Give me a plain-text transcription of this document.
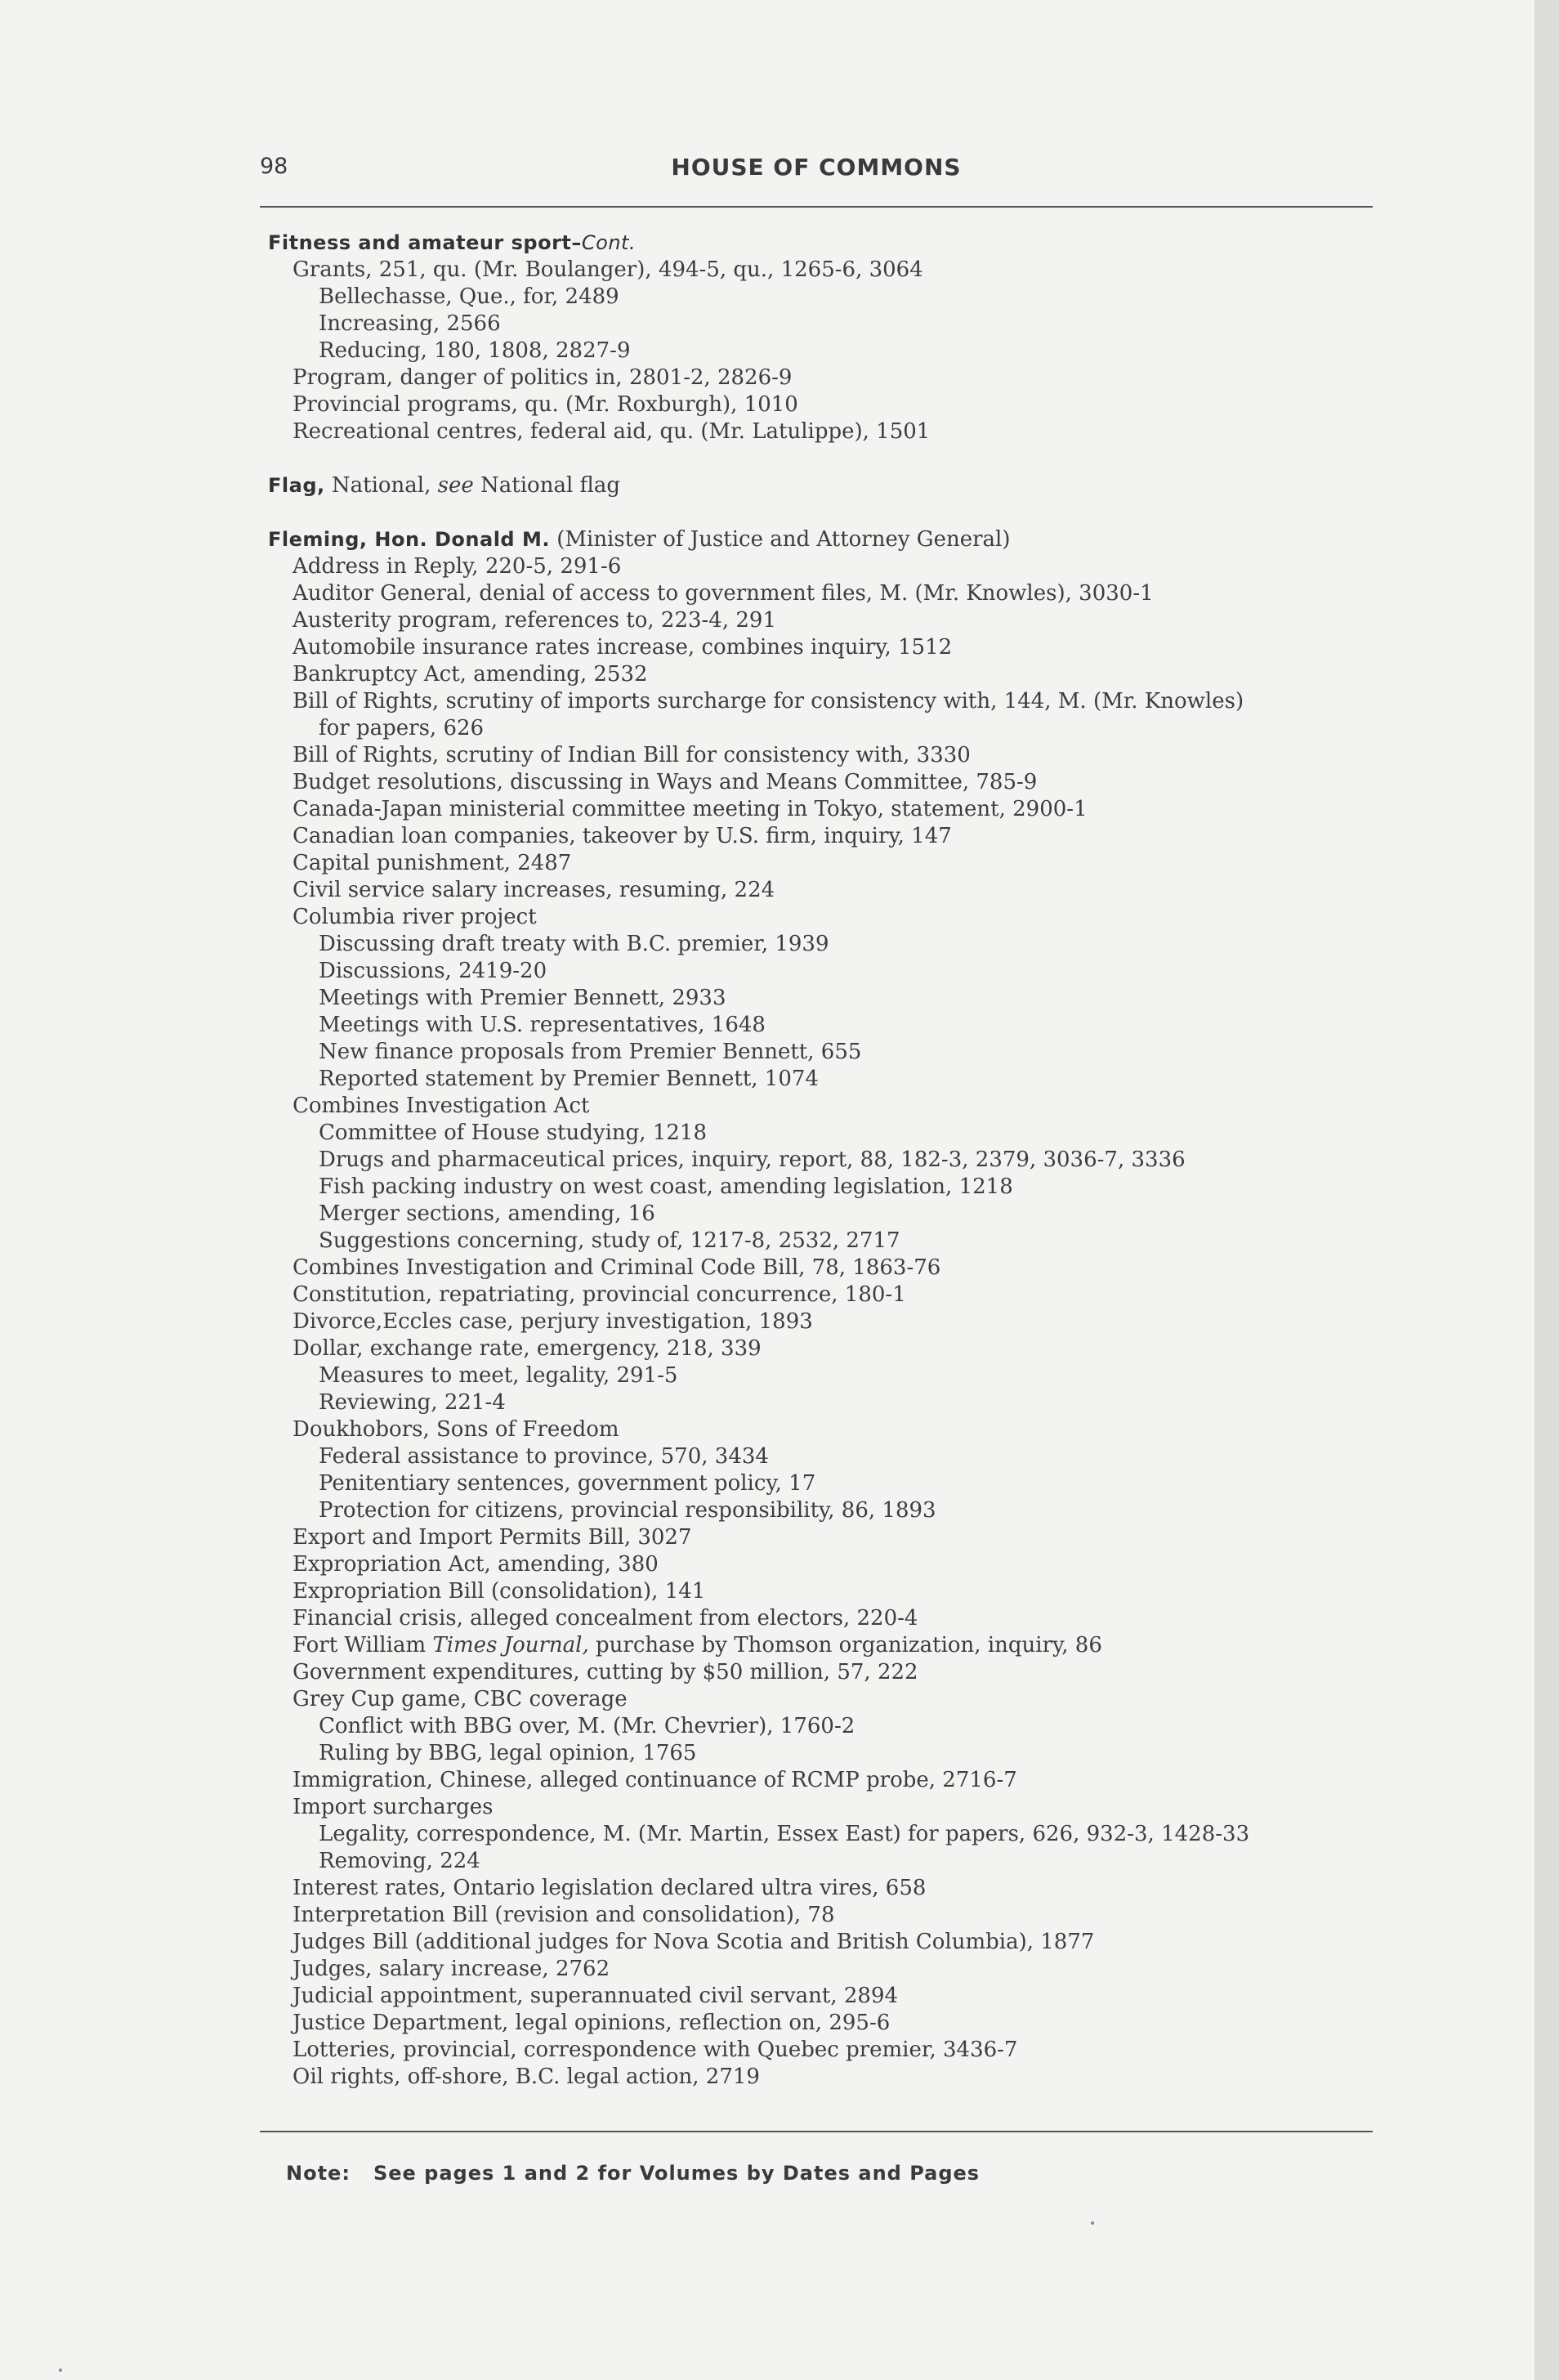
98	HOUSE OF COMMONS
Fitness and amateur sport–Cont.
Grants, 251, qu. (Mr. Boulanger), 494-5, qu., 1265-6, 3064
Bellechasse, Que., for, 2489
Increasing, 2566
Reducing, 180, 1808, 2827-9
Program, danger of politics in, 2801-2, 2826-9
Provincial programs, qu. (Mr. Roxburgh), 1010
Recreational centres, federal aid, qu. (Mr. Latulippe), 1501
Flag, National, see National flag
Fleming, Hon. Donald M. (Minister of Justice and Attorney General)
Address in Reply, 220-5, 291-6
Auditor General, denial of access to government files, M. (Mr. Knowles), 3030-1
Austerity program, references to, 223-4, 291
Automobile insurance rates increase, combines inquiry, 1512
Bankruptcy Act, amending, 2532
Bill of Rights, scrutiny of imports surcharge for consistency with, 144, M. (Mr. Knowles)
for papers, 626
Bill of Rights, scrutiny of Indian Bill for consistency with, 3330
Budget resolutions, discussing in Ways and Means Committee, 785-9
Canada-Japan ministerial committee meeting in Tokyo, statement, 2900-1
Canadian loan companies, takeover by U.S. firm, inquiry, 147
Capital punishment, 2487
Civil service salary increases, resuming, 224
Columbia river project
Discussing draft treaty with B.C. premier, 1939
Discussions, 2419-20
Meetings with Premier Bennett, 2933
Meetings with U.S. representatives, 1648
New finance proposals from Premier Bennett, 655
Reported statement by Premier Bennett, 1074
Combines Investigation Act
Committee of House studying, 1218
Drugs and pharmaceutical prices, inquiry, report, 88, 182-3, 2379, 3036-7, 3336
Fish packing industry on west coast, amending legislation, 1218
Merger sections, amending, 16
Suggestions concerning, study of, 1217-8, 2532, 2717
Combines Investigation and Criminal Code Bill, 78, 1863-76
Constitution, repatriating, provincial concurrence, 180-1
Divorce,Eccles case, perjury investigation, 1893
Dollar, exchange rate, emergency, 218, 339
Measures to meet, legality, 291-5
Reviewing, 221-4
Doukhobors, Sons of Freedom
Federal assistance to province, 570, 3434
Penitentiary sentences, government policy, 17
Protection for citizens, provincial responsibility, 86, 1893
Export and Import Permits Bill, 3027
Expropriation Act, amending, 380
Expropriation Bill (consolidation), 141
Financial crisis, alleged concealment from electors, 220-4
Fort William Times Journal, purchase by Thomson organization, inquiry, 86
Government expenditures, cutting by $50 million, 57, 222
Grey Cup game, CBC coverage
Conflict with BBG over, M. (Mr. Chevrier), 1760-2
Ruling by BBG, legal opinion, 1765
Immigration, Chinese, alleged continuance of RCMP probe, 2716-7
Import surcharges
Legality, correspondence, M. (Mr. Martin, Essex East) for papers, 626, 932-3, 1428-33
Removing, 224
Interest rates, Ontario legislation declared ultra vires, 658
Interpretation Bill (revision and consolidation), 78
Judges Bill (additional judges for Nova Scotia and British Columbia), 1877
Judges, salary increase, 2762
Judicial appointment, superannuated civil servant, 2894
Justice Department, legal opinions, reflection on, 295-6
Lotteries, provincial, correspondence with Quebec premier, 3436-7
Oil rights, off-shore, B.C. legal action, 2719
Note:   See pages 1 and 2 for Volumes by Dates and Pages
